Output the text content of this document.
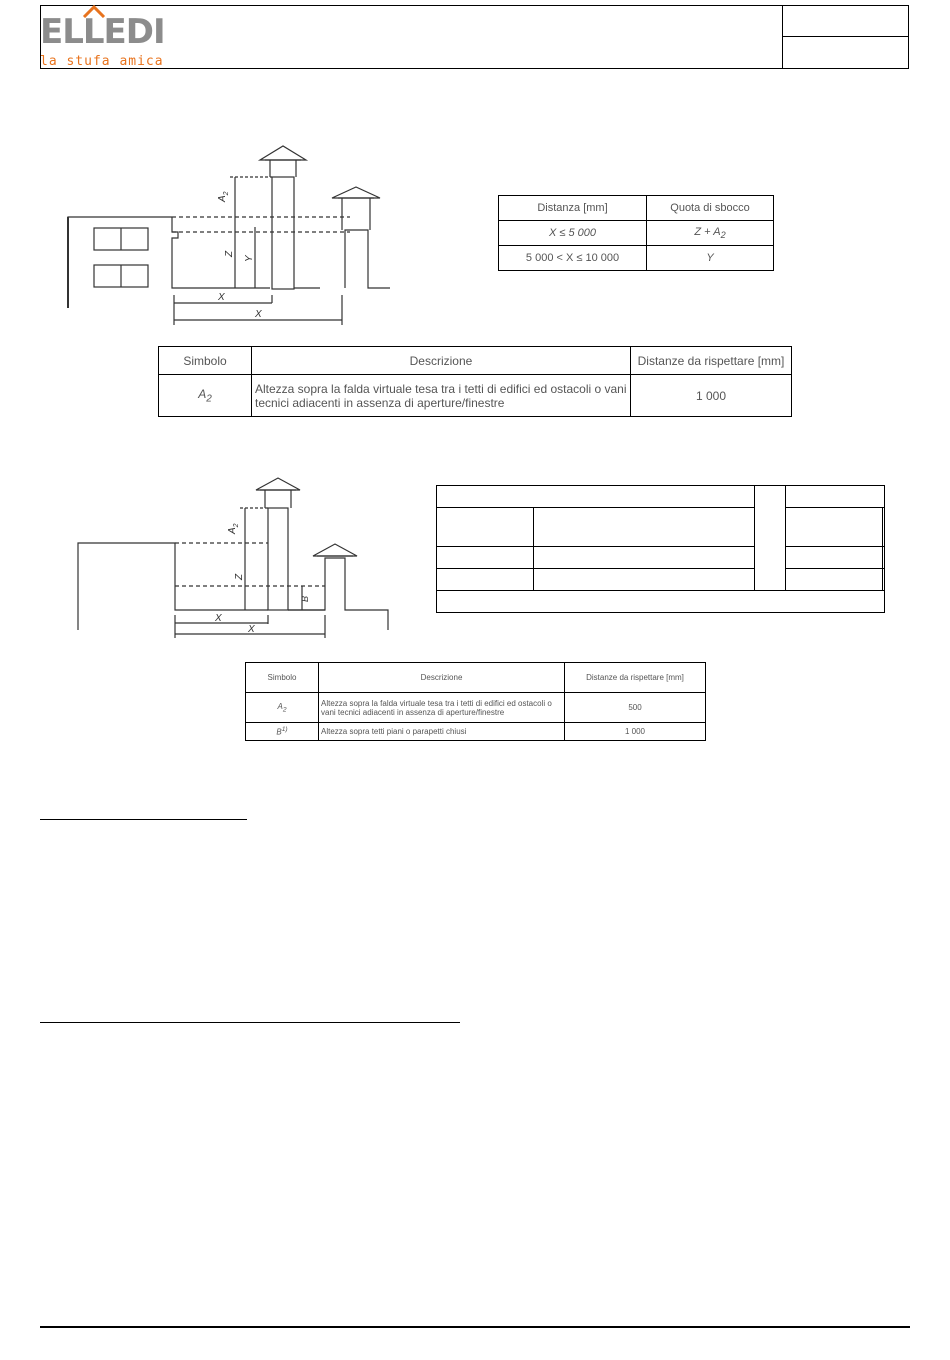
ELLEDI
la stufa amica
$A_2$
Z
Y
X
X
Distanza [mm]	Quota di sbocco
X ≤ 5 000	$Z + A_2$
5 000 < X ≤ 10 000	Y
Simbolo	Descrizione	Distanze da rispettare [mm]
$A_2$	Altezza sopra la falda virtuale tesa tra i tetti di edifici ed ostacoli o vani tecnici adiacenti in assenza di aperture/finestre	1 000
$A_2$
Z
B
X
X

Simbolo	Descrizione	Distanze da rispettare [mm]
$A_2$	Altezza sopra la falda virtuale tesa tra i tetti di edifici ed ostacoli o vani tecnici adiacenti in assenza di aperture/finestre	500
$B^{1)}$	Altezza sopra tetti piani o parapetti chiusi	1 000
